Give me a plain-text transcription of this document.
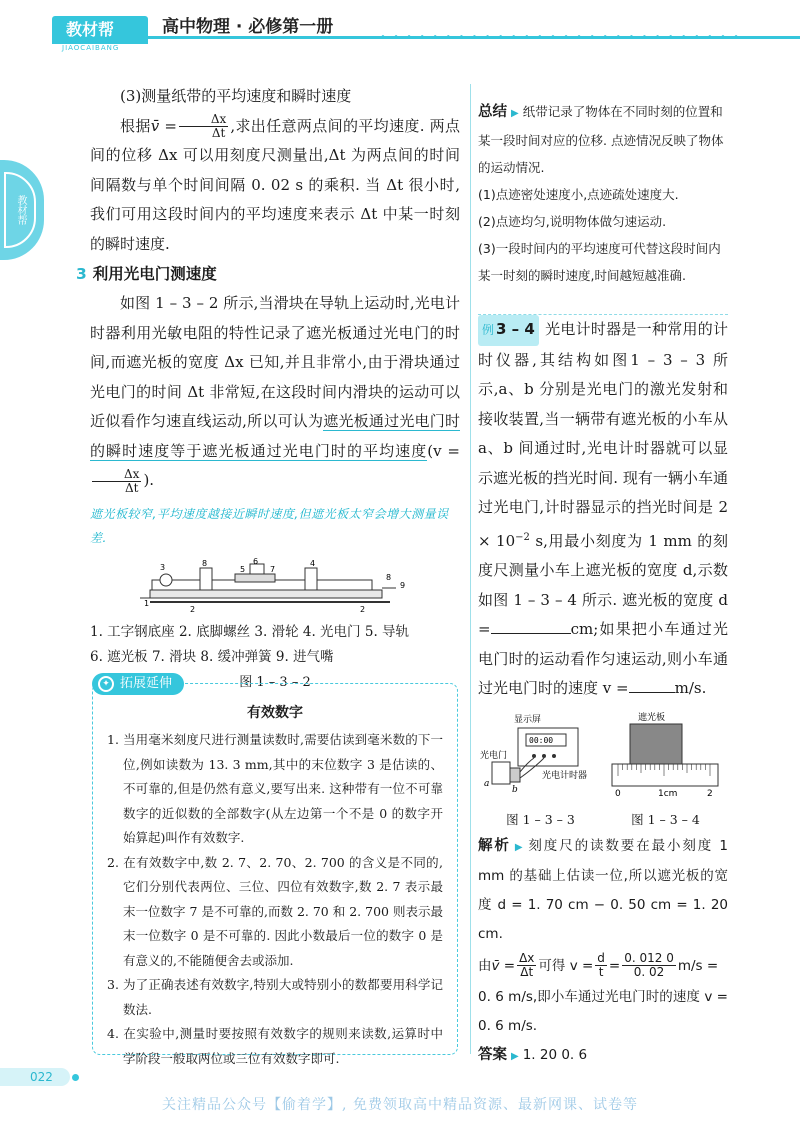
教材帮
JIAOCAIBANG
高中物理 · 必修第一册
• • • • • • • • • • • • • • • • • • • • • • • • • • • •
教材帮
(3)测量纸带的平均速度和瞬时速度
根据v̄ = $\frac{\Delta x}{\Delta t}$ ,求出任意两点间的平均速度. 两点间的位移 Δx 可以用刻度尺测量出,Δt 为两点间的时间间隔数与单个时间间隔 0. 02 s 的乘积. 当 Δt 很小时,我们可用这段时间内的平均速度来表示 Δt 中某一时刻的瞬时速度.
3 利用光电门测速度
如图 1 – 3 – 2 所示,当滑块在导轨上运动时,光电计时器利用光敏电阻的特性记录了遮光板通过光电门的时间,而遮光板的宽度 Δx 已知,并且非常小,由于滑块通过光电门的时间 Δt 非常短,在这段时间内滑块的运动可以近似看作匀速直线运动,所以可认为遮光板通过光电门时的瞬时速度等于遮光板通过光电门时的平均速度(v =
$\frac{\Delta x}{\Delta t}$ ).
遮光板较窄,平均速度越接近瞬时速度,但遮光板太窄会增大测量误差.
3
6
5	7
4
8
1
2
8
2
9
1. 工字钢底座 2. 底脚螺丝 3. 滑轮 4. 光电门 5. 导轨
6. 遮光板 7. 滑块 8. 缓冲弹簧 9. 进气嘴
图 1 – 3 – 2
有效数字
1. 当用毫米刻度尺进行测量读数时,需要估读到毫米数的下一位,例如读数为 13. 3 mm,其中的末位数字 3 是估读的、不可靠的,但是仍然有意义,要写出来. 这种带有一位不可靠数字的近似数的全部数字(从左边第一个不是 0 的数字开始算起)叫作有效数字.
2. 在有效数字中,数 2. 7、2. 70、2. 700 的含义是不同的,它们分别代表两位、三位、四位有效数字,数 2. 7 表示最末一位数字 7 是不可靠的,而数 2. 70 和 2. 700 则表示最末一位数字 0 是不可靠的. 因此小数最后一位的数字 0 是有意义的,不能随便舍去或添加.
3. 为了正确表述有效数字,特别大或特别小的数都要用科学记数法.
4. 在实验中,测量时要按照有效数字的规则来读数,运算时中学阶段一般取两位或三位有效数字即可.
✦ 拓展延伸
总结 ▶ 纸带记录了物体在不同时刻的位置和某一段时间对应的位移. 点迹情况反映了物体的运动情况.
(1)点迹密处速度小,点迹疏处速度大.
(2)点迹均匀,说明物体做匀速运动.
(3)一段时间内的平均速度可代替这段时间内某一时刻的瞬时速度,时间越短越准确.
例 3 – 4 光电计时器是一种常用的计时仪器,其结构如图1 – 3 – 3 所示,a、b 分别是光电门的激光发射和接收装置,当一辆带有遮光板的小车从 a、b 间通过时,光电计时器就可以显示遮光板的挡光时间. 现有一辆小车通过光电门,计时器显示的挡光时间是 $2 \times 10^{-2}$ s,用最小刻度为 1 mm 的刻度尺测量小车上遮光板的宽度 d,示数如图 1 – 3 – 4 所示. 遮光板的宽度 d =	cm;如果把小车通过光电门时的运动看作匀速运动,则小车通过光电门时的速度 v =	m/s.
显示屏
00:00
光电门
光电计时器
a
b
遮光板
0	1cm	2
图 1 – 3 – 3	图 1 – 3 – 4
解析 ▶ 刻度尺的读数要在最小刻度 1 mm 的基础上估读一位,所以遮光板的宽度 d = 1. 70 cm − 0. 50 cm = 1. 20 cm.
由v̄ = $\frac{\Delta x}{\Delta t}$ 可得 $v = \frac{d}{t} = \frac{0. 012 0}{0. 02} m/s$ =
0. 6 m/s,即小车通过光电门时的速度 v = 0. 6 m/s.
答案 ▶ 1. 20 0. 6
022
关注精品公众号【偷着学】, 免费领取高中精品资源、最新网课、试卷等
